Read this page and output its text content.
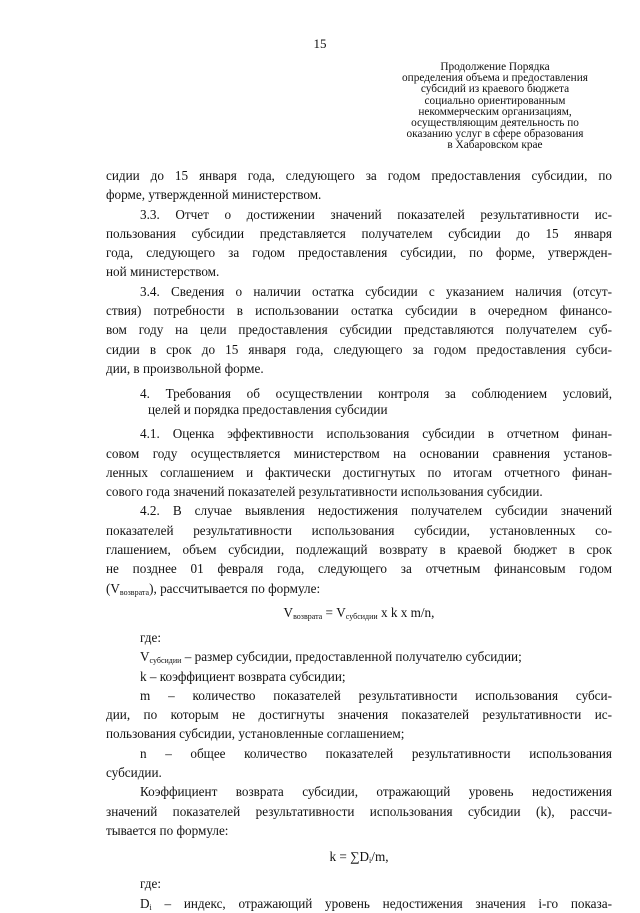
15
Продолжение Порядка
определения объема и предоставления
субсидий из краевого бюджета
социально ориентированным
некоммерческим организациям,
осуществляющим деятельность по
оказанию услуг в сфере образования
в Хабаровском крае
сидии до 15 января года, следующего за годом предоставления субсидии, по
форме, утвержденной министерством.
3.3. Отчет о достижении значений показателей результативности ис-
пользования субсидии представляется получателем субсидии до 15 января
года, следующего за годом предоставления субсидии, по форме, утвержден-
ной министерством.
3.4. Сведения о наличии остатка субсидии с указанием наличия (отсут-
ствия) потребности в использовании остатка субсидии в очередном финансо-
вом году на цели предоставления субсидии представляются получателем суб-
сидии в срок до 15 января года, следующего за годом предоставления субси-
дии, в произвольной форме.
4. Требования об осуществлении контроля за соблюдением условий,
целей и порядка предоставления субсидии
4.1. Оценка эффективности использования субсидии в отчетном финан-
совом году осуществляется министерством на основании сравнения установ-
ленных соглашением и фактически достигнутых по итогам отчетного финан-
сового года значений показателей результативности использования субсидии.
4.2. В случае выявления недостижения получателем субсидии значений
показателей результативности использования субсидии, установленных со-
глашением, объем субсидии, подлежащий возврату в краевой бюджет в срок
не позднее 01 февраля года, следующего за отчетным финансовым годом
$(V_{возврата})$, рассчитывается по формуле:
$V_{возврата} = V_{субсидии}$ x k x m/n,
где:
$V_{субсидии}$ – размер субсидии, предоставленной получателю субсидии;
k – коэффициент возврата субсидии;
m – количество показателей результативности использования субси-
дии, по которым не достигнуты значения показателей результативности ис-
пользования субсидии, установленные соглашением;
n – общее количество показателей результативности использования
субсидии.
Коэффициент возврата субсидии, отражающий уровень недостижения
значений показателей результативности использования субсидии (k), рассчи-
тывается по формуле:
$k = \sum D_i/m$,
где:
$D_i$ – индекс, отражающий уровень недостижения значения i-го показа-
